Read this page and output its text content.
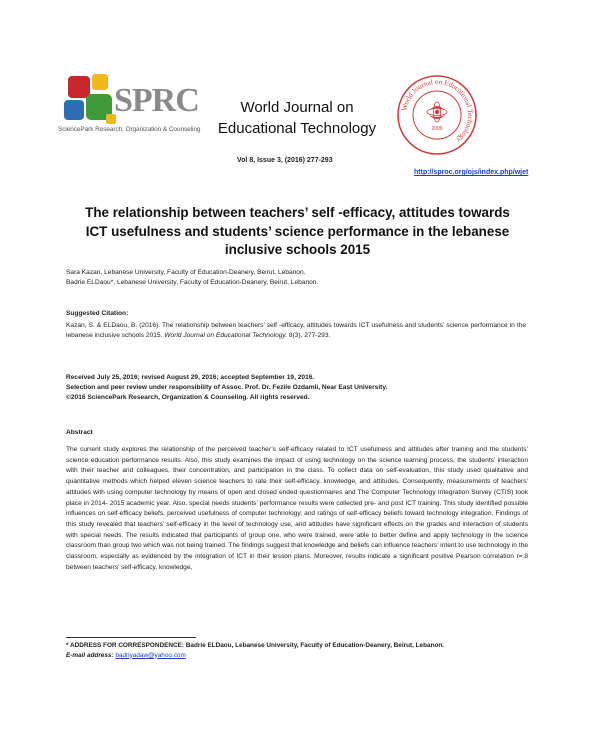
SPRC
SciencePark Research, Organization & Counseling
World Journal on
Educational Technology
World Journal on Educational Technology
2009
Vol 8, Issue 3, (2016) 277-293
http://sproc.org/ojs/index.php/wjet
The relationship between teachers’ self -efficacy, attitudes towards
ICT usefulness and students’ science performance in the lebanese
inclusive schools 2015
Sara Kazan, Lebanese University, Faculty of Education-Deanery, Beirut, Lebanon.
Badrie ELDaou*, Lebanese University, Faculty of Education-Deanery, Beirut, Lebanon.
Suggested Citation:
Kazan, S. & ELDaou, B. (2016). The relationship between teachers’ self -efficacy, attitudes towards ICT usefulness and students’ science performance in the lebanese inclusive schools 2015. World Journal on Educational Technology. 8(3), 277-293.
Received July 25, 2016; revised August 29, 2016; accepted September 19, 2016.
Selection and peer review under responsibility of Assoc. Prof. Dr. Fezile Ozdamli, Near East University.
©2016 SciencePark Research, Organization & Counseling. All rights reserved.
Abstract
The current study explores the relationship of the perceived teacher’s self-efficacy related to ICT usefulness and attitudes after training and the students’ science education performance results. Also, this study examines the impact of using technology on the science learning process, the students’ interaction with their teacher and colleagues, their concentration, and participation in the class. To collect data on self-evaluation, this study used qualitative and quantitative methods which helped eleven science teachers to rate their self-efficacy, knowledge, and attitudes. Consequently, measurements of teachers’ attitudes with using computer technology by means of open and closed ended questionnaires and The Computer Technology Integration Survey (CTIS) took place in 2014- 2015 academic year. Also, special needs students’ performance results were collected pre- and post ICT training. This study identified possible influences on self-efficacy beliefs, perceived usefulness of computer technology, and ratings of self-efficacy beliefs toward technology integration. Findings of this study revealed that teachers’ self-efficacy in the level of technology use, and attitudes have significant effects on the grades and interaction of students with special needs. The results indicated that participants of group one, who were trained, were able to better define and apply technology in the science classroom than group two which was not being trained. The findings suggest that knowledge and beliefs can influence teachers’ intent to use technology in the classroom, especially as evidenced by the integration of ICT in their lesson plans. Moreover, results indicate a significant positive Pearson correlation r=.8 between teachers’ self-efficacy, knowledge,
* ADDRESS FOR CORRESPONDENCE: Badrie ELDaou, Lebanese University, Faculty of Education-Deanery, Beirut, Lebanon.
E-mail address: badriyadaw@yahoo.com
